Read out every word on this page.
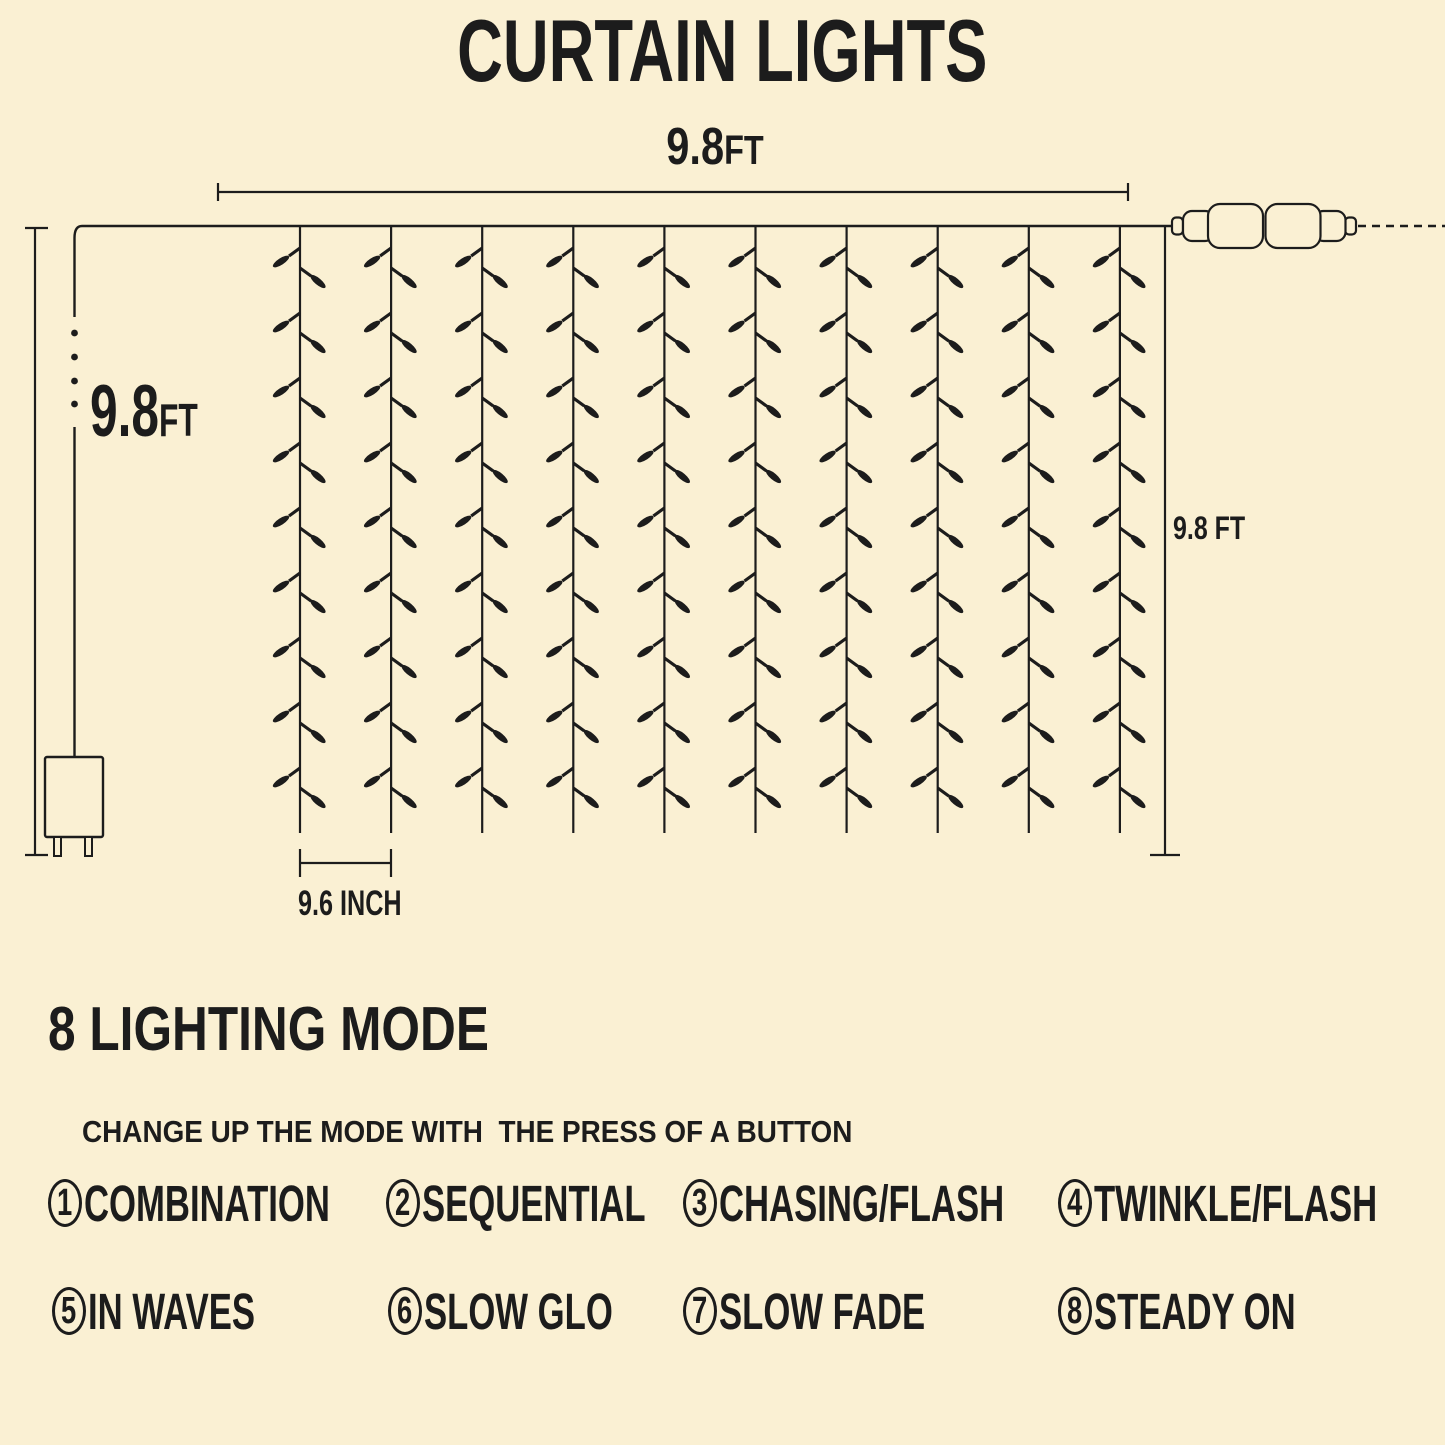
CURTAIN LIGHTS
9.8FT
9.8FT
9.8 FT
9.6 INCH
8 LIGHTING MODE

CHANGE UP THE MODE WITH  THE PRESS OF A BUTTON

1 COMBINATION	2 SEQUENTIAL	3 CHASING/FLASH	4 TWINKLE/FLASH
5 IN WAVES	6 SLOW GLO	7 SLOW FADE	8 STEADY ON
